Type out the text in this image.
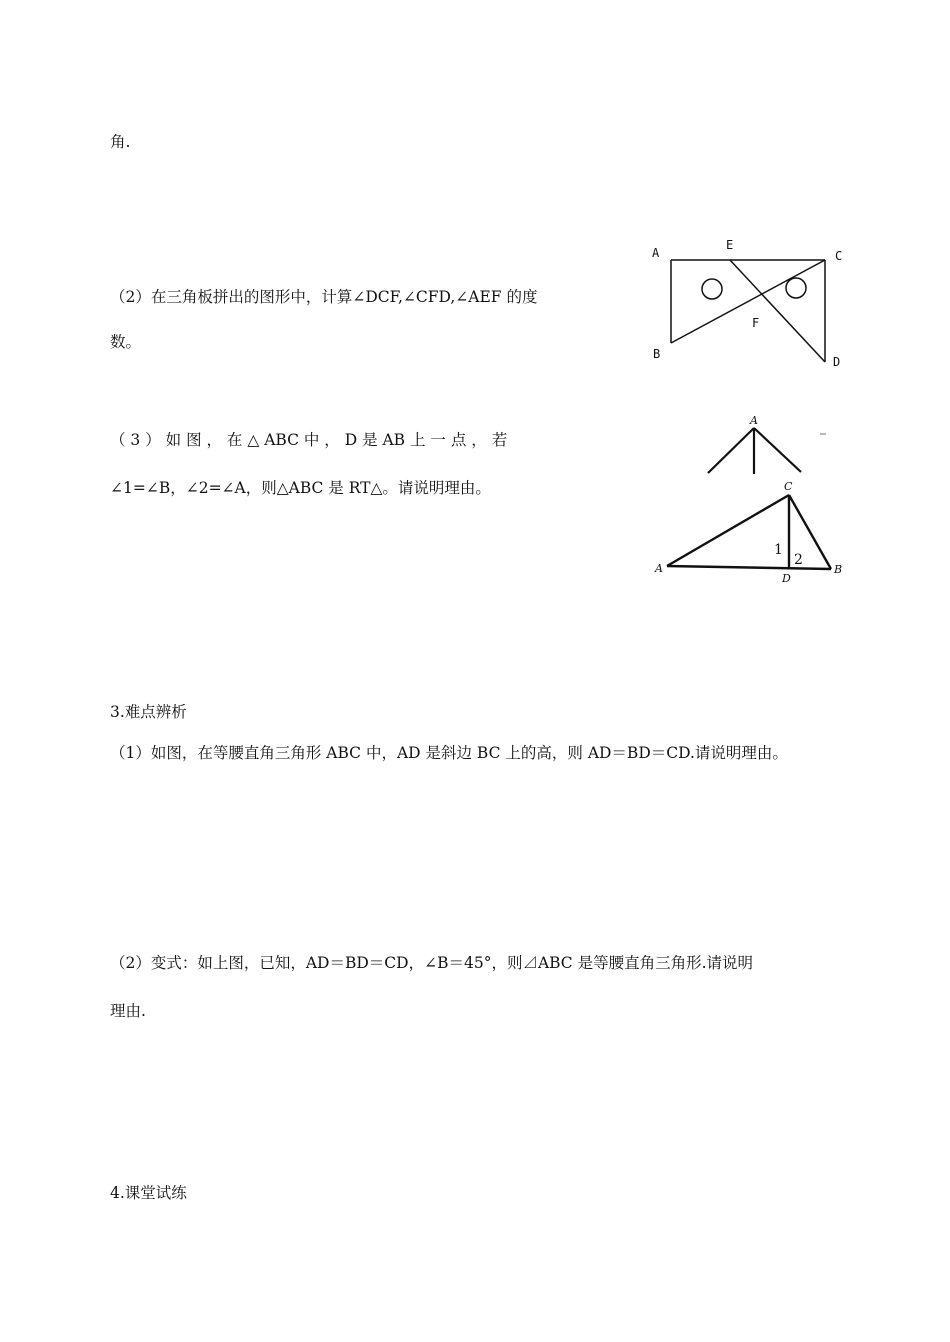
角.
（2）在三角板拼出的图形中，计算∠DCF,∠CFD,∠AEF 的度
数。
（ 3 ） 如 图 ， 在 △ ABC 中 ， D 是 AB 上 一 点 ， 若
∠1=∠B，∠2=∠A，则△ABC 是 RT△。请说明理由。
3.难点辨析
（1）如图，在等腰直角三角形 ABC 中，AD 是斜边 BC 上的高，则 AD＝BD＝CD.请说明理由。
（2）变式：如上图，已知，AD＝BD＝CD，∠B＝45°，则⊿ABC 是等腰直角三角形.请说明
理由.
4.课堂试练
A
E
C
B
F
D
A
C
A
D
B
1
2
